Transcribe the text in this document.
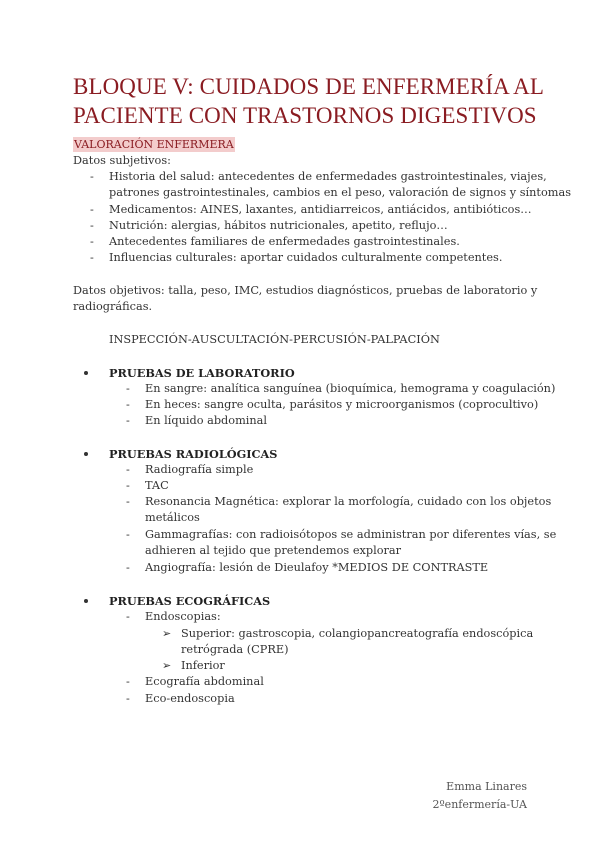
BLOQUE V: CUIDADOS DE ENFERMERÍA AL
PACIENTE CON TRASTORNOS DIGESTIVOS
VALORACIÓN ENFERMERA
Datos subjetivos:
- Historia del salud: antecedentes de enfermedades gastrointestinales, viajes,
patrones gastrointestinales, cambios en el peso, valoración de signos y síntomas
- Medicamentos: AINES, laxantes, antidiarreicos, antiácidos, antibióticos…
- Nutrición: alergias, hábitos nutricionales, apetito, reflujo…
- Antecedentes familiares de enfermedades gastrointestinales.
- Influencias culturales: aportar cuidados culturalmente competentes.
Datos objetivos: talla, peso, IMC, estudios diagnósticos, pruebas de laboratorio y
radiográficas.
INSPECCIÓN-AUSCULTACIÓN-PERCUSIÓN-PALPACIÓN
PRUEBAS DE LABORATORIO
- En sangre: analítica sanguínea (bioquímica, hemograma y coagulación)
- En heces: sangre oculta, parásitos y microorganismos (coprocultivo)
- En líquido abdominal
PRUEBAS RADIOLÓGICAS
- Radiografía simple
- TAC
- Resonancia Magnética: explorar la morfología, cuidado con los objetos
metálicos
- Gammagrafías: con radioisótopos se administran por diferentes vías, se
adhieren al tejido que pretendemos explorar
- Angiografía: lesión de Dieulafoy *MEDIOS DE CONTRASTE
PRUEBAS ECOGRÁFICAS
- Endoscopias:
➢ Superior: gastroscopia, colangiopancreatografía endoscópica
retrógrada (CPRE)
➢ Inferior
- Ecografía abdominal
- Eco-endoscopia
Emma Linares
2ºenfermería-UA
